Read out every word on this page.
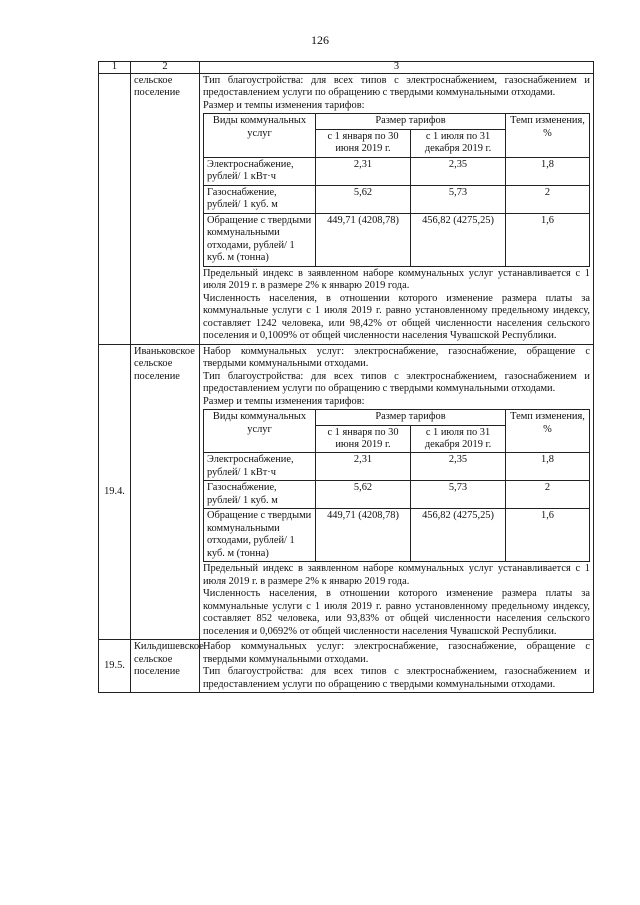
126
1	2	3
	сельское поселение	

Тип благоустройства: для всех типов с электроснабжением, газоснабжением и предоставлением услуги по обращению с твердыми коммунальными отходами.

Размер и темпы изменения тарифов:

Виды коммунальных услуг	Размер тарифов	Темп изменения, %
с 1 января по 30 июня 2019 г.	с 1 июля по 31 декабря 2019 г.
Электроснабжение, рублей/ 1 кВт·ч	2,31	2,35	1,8
Газоснабжение, рублей/ 1 куб. м	5,62	5,73	2
Обращение с твердыми коммунальными отходами, рублей/ 1 куб. м (тонна)	449,71 (4208,78)	456,82 (4275,25)	1,6

Предельный индекс в заявленном наборе коммунальных услуг устанавливается с 1 июля 2019 г. в размере 2% к январю 2019 года.

Численность населения, в отношении которого изменение размера платы за коммунальные услуги с 1 июля 2019 г. равно установленному предельному индексу, составляет 1242 человека, или 98,42% от общей численности населения сельского поселения и 0,1009% от общей численности населения Чувашской Республики.

19.4.	Иваньковское сельское поселение	

Набор коммунальных услуг: электроснабжение, газоснабжение, обращение с твердыми коммунальными отходами.

Тип благоустройства: для всех типов с электроснабжением, газоснабжением и предоставлением услуги по обращению с твердыми коммунальными отходами.

Размер и темпы изменения тарифов:

Виды коммунальных услуг	Размер тарифов	Темп изменения, %
с 1 января по 30 июня 2019 г.	с 1 июля по 31 декабря 2019 г.
Электроснабжение, рублей/ 1 кВт·ч	2,31	2,35	1,8
Газоснабжение, рублей/ 1 куб. м	5,62	5,73	2
Обращение с твердыми коммунальными отходами, рублей/ 1 куб. м (тонна)	449,71 (4208,78)	456,82 (4275,25)	1,6

Предельный индекс в заявленном наборе коммунальных услуг устанавливается с 1 июля 2019 г. в размере 2% к январю 2019 года.

Численность населения, в отношении которого изменение размера платы за коммунальные услуги с 1 июля 2019 г. равно установленному предельному индексу, составляет 852 человека, или 93,83% от общей численности населения сельского поселения и 0,0692% от общей численности населения Чувашской Республики.

19.5.	Кильдишевское сельское поселение	

Набор коммунальных услуг: электроснабжение, газоснабжение, обращение с твердыми коммунальными отходами.

Тип благоустройства: для всех типов с электроснабжением, газоснабжением и предоставлением услуги по обращению с твердыми коммунальными отходами.
